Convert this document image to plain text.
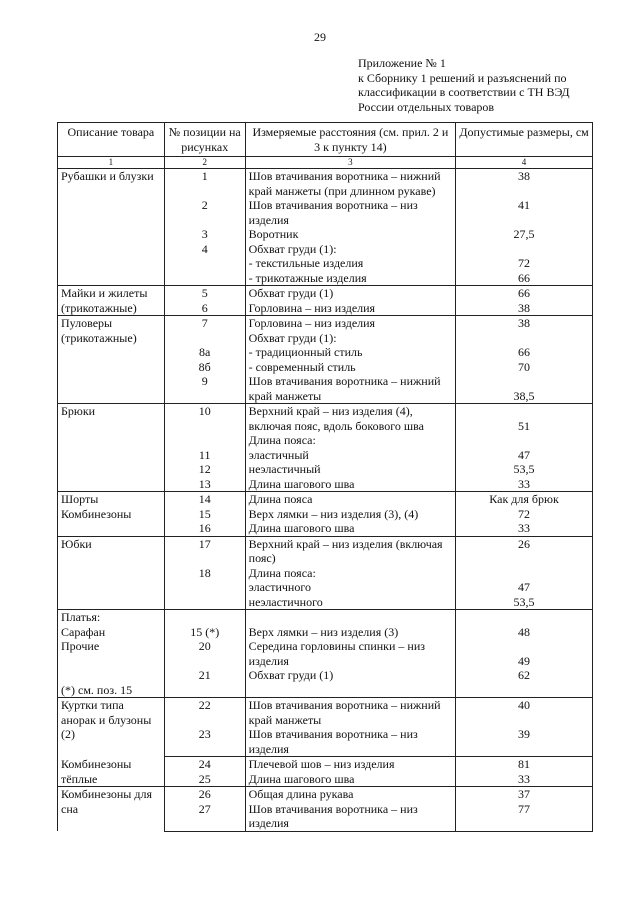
29
Приложение № 1
к Сборнику 1 решений и разъяснений по
классификации в соответствии с ТН ВЭД
России отдельных товаров
Описание товара	№ позиции на рисунках	Измеряемые расстояния (см. прил. 2 и 3 к пункту 14)	Допустимые размеры, см
1	2	3	4
Рубашки и блузки	1	Шов втачивания воротника – нижний край манжеты (при длинном рукаве)	38
	2	Шов втачивания воротника – низ изделия	41
	3	Воротник	27,5
	4	Обхват груди (1):	
		- текстильные изделия	72
		- трикотажные изделия	66
Майки и жилеты	5	Обхват груди (1)	66
(трикотажные)	6	Горловина – низ изделия	38
Пуловеры	7	Горловина – низ изделия	38
(трикотажные)		Обхват груди (1):	
	8а	- традиционный стиль	66
	8б	- современный стиль	70
	9	Шов втачивания воротника – нижний край манжеты	38,5
Брюки	10	Верхний край – низ изделия (4), включая пояс, вдоль бокового шва	51
		Длина пояса:	
	11	эластичный	47
	12	неэластичный	53,5
	13	Длина шагового шва	33
Шорты	14	Длина пояса	Как для брюк
Комбинезоны	15	Верх лямки – низ изделия (3), (4)	72
	16	Длина шагового шва	33
Юбки	17	Верхний край – низ изделия (включая пояс)	26
	18	Длина пояса:	
		эластичного	47
		неэластичного	53,5
Платья:			
Сарафан	15 (*)	Верх лямки – низ изделия (3)	48
Прочие	20	Середина горловины спинки – низ изделия	49
	21	Обхват груди (1)	62
(*) см. поз. 15			
Куртки типа анорак и блузоны (2)	22	Шов втачивания воротника – нижний край манжеты	40
	23	Шов втачивания воротника – низ изделия	39
Комбинезоны	24	Плечевой шов – низ изделия	81
тёплые	25	Длина шагового шва	33
Комбинезоны для сна	26	Общая длина рукава	37
	27	Шов втачивания воротника – низ изделия	77
